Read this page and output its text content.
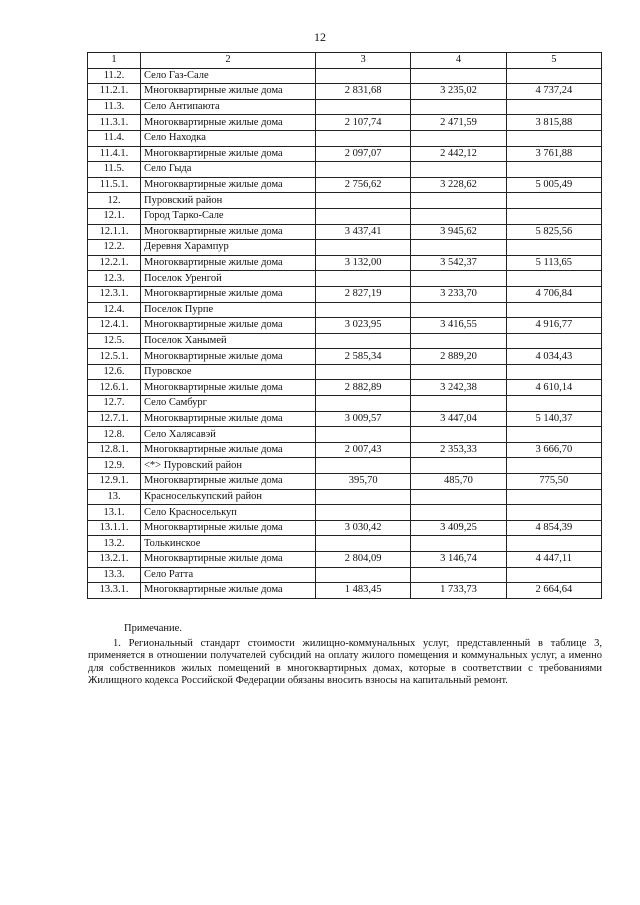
12
1	2	3	4	5
11.2.	Село Газ-Сале			
11.2.1.	Многоквартирные жилые дома	2 831,68	3 235,02	4 737,24
11.3.	Село Антипаюта			
11.3.1.	Многоквартирные жилые дома	2 107,74	2 471,59	3 815,88
11.4.	Село Находка			
11.4.1.	Многоквартирные жилые дома	2 097,07	2 442,12	3 761,88
11.5.	Село Гыда			
11.5.1.	Многоквартирные жилые дома	2 756,62	3 228,62	5 005,49
12.	Пуровский район			
12.1.	Город Тарко-Сале			
12.1.1.	Многоквартирные жилые дома	3 437,41	3 945,62	5 825,56
12.2.	Деревня Харампур			
12.2.1.	Многоквартирные жилые дома	3 132,00	3 542,37	5 113,65
12.3.	Поселок Уренгой			
12.3.1.	Многоквартирные жилые дома	2 827,19	3 233,70	4 706,84
12.4.	Поселок Пурпе			
12.4.1.	Многоквартирные жилые дома	3 023,95	3 416,55	4 916,77
12.5.	Поселок Ханымей			
12.5.1.	Многоквартирные жилые дома	2 585,34	2 889,20	4 034,43
12.6.	Пуровское			
12.6.1.	Многоквартирные жилые дома	2 882,89	3 242,38	4 610,14
12.7.	Село Самбург			
12.7.1.	Многоквартирные жилые дома	3 009,57	3 447,04	5 140,37
12.8.	Село Халясавэй			
12.8.1.	Многоквартирные жилые дома	2 007,43	2 353,33	3 666,70
12.9.	<*> Пуровский район			
12.9.1.	Многоквартирные жилые дома	395,70	485,70	775,50
13.	Красноселькупский район			
13.1.	Село Красноселькуп			
13.1.1.	Многоквартирные жилые дома	3 030,42	3 409,25	4 854,39
13.2.	Толькинское			
13.2.1.	Многоквартирные жилые дома	2 804,09	3 146,74	4 447,11
13.3.	Село Ратта			
13.3.1.	Многоквартирные жилые дома	1 483,45	1 733,73	2 664,64
Примечание.
1. Региональный стандарт стоимости жилищно-коммунальных услуг, представленный в таблице 3, применяется в отношении получателей субсидий на оплату жилого помещения и коммунальных услуг, а именно для собственников жилых помещений в многоквартирных домах, которые в соответствии с требованиями Жилищного кодекса Российской Федерации обязаны вносить взносы на капитальный ремонт.
